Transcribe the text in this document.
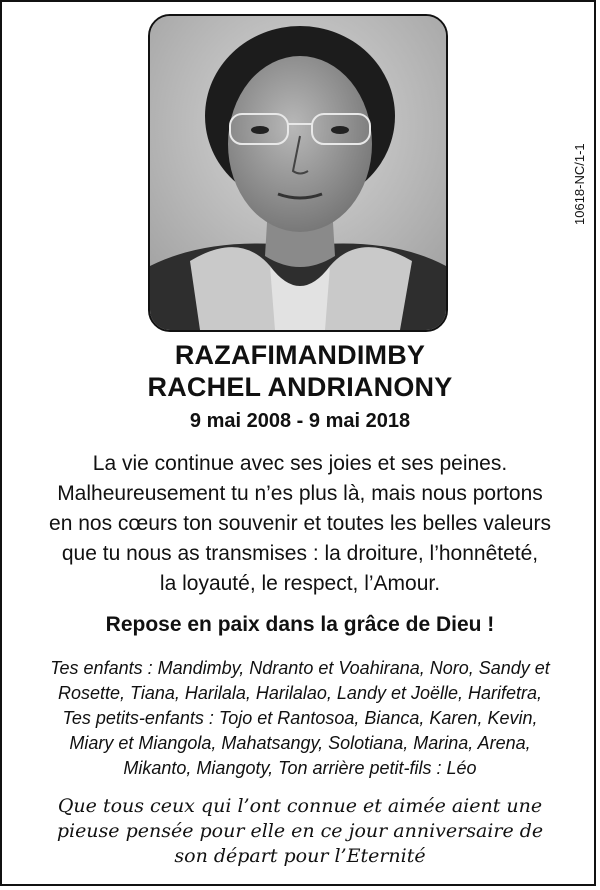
10618-NC/1-1
RAZAFIMANDIMBY
RACHEL ANDRIANONY
9 mai 2008 - 9 mai 2018
La vie continue avec ses joies et ses peines.
Malheureusement tu n’es plus là, mais nous portons
en nos cœurs ton souvenir et toutes les belles valeurs
que tu nous as transmises : la droiture, l’honnêteté,
la loyauté, le respect, l’Amour.
Repose en paix dans la grâce de Dieu !
Tes enfants : Mandimby, Ndranto et Voahirana, Noro, Sandy et
Rosette, Tiana, Harilala, Harilalao, Landy et Joëlle, Harifetra,
Tes petits-enfants : Tojo et Rantosoa, Bianca, Karen, Kevin,
Miary et Miangola, Mahatsangy, Solotiana, Marina, Arena,
Mikanto, Miangoty, Ton arrière petit-fils : Léo
Que tous ceux qui l’ont connue et aimée aient une
pieuse pensée pour elle en ce jour anniversaire de
son départ pour l’Eternité
